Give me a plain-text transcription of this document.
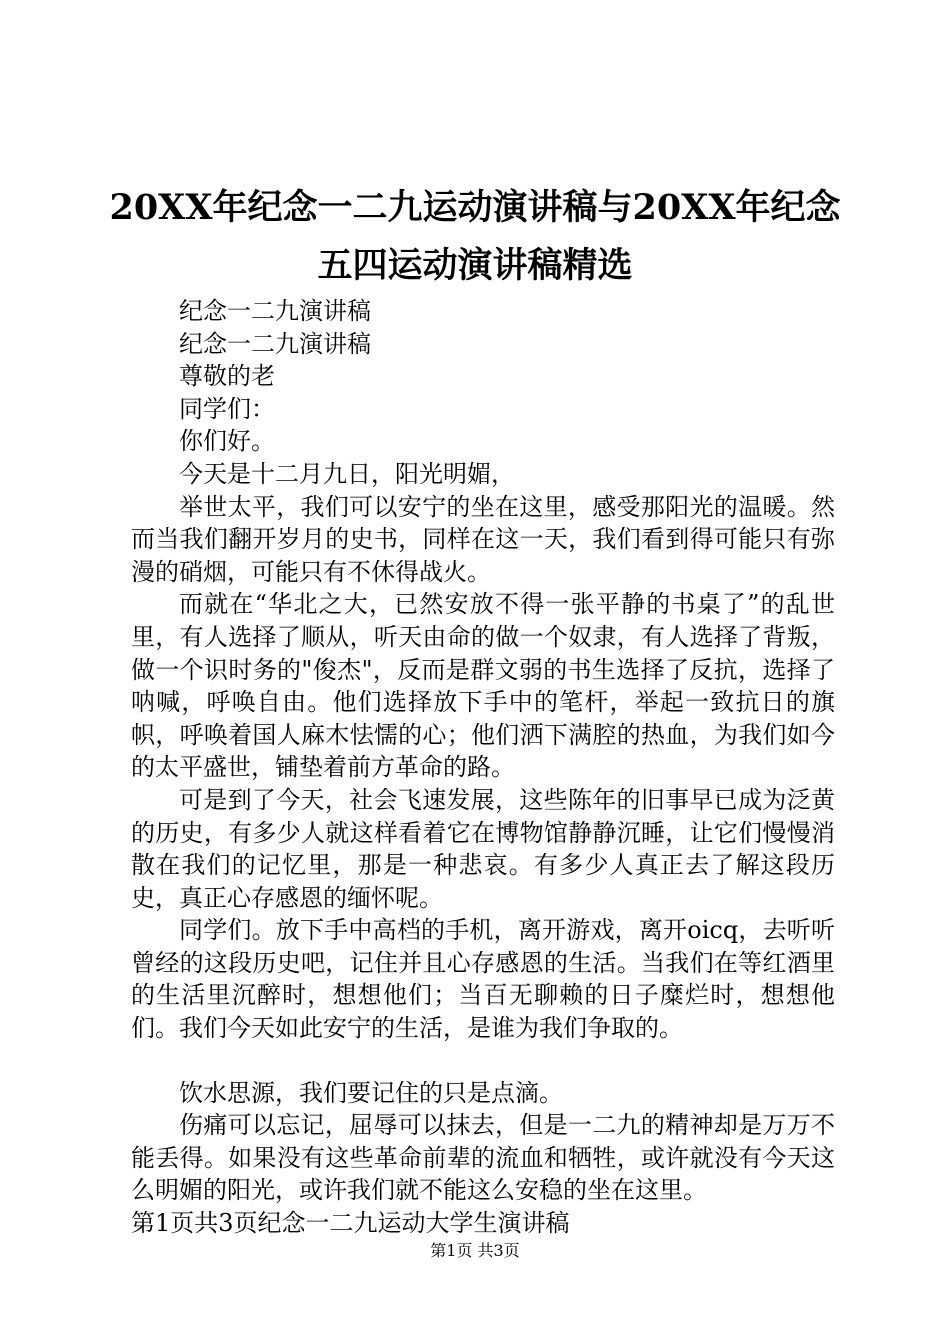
20XX年纪念一二九运动演讲稿与20XX年纪念
五四运动演讲稿精选

纪念一二九演讲稿

纪念一二九演讲稿

尊敬的老

同学们：

你们好。

今天是十二月九日，阳光明媚，

举世太平，我们可以安宁的坐在这里，感受那阳光的温暖。然而当我们翻开岁月的史书，同样在这一天，我们看到得可能只有弥漫的硝烟，可能只有不休得战火。

而就在“华北之大，已然安放不得一张平静的书桌了”的乱世里，有人选择了顺从，听天由命的做一个奴隶，有人选择了背叛，做一个识时务的"俊杰"，反而是群文弱的书生选择了反抗，选择了呐喊，呼唤自由。他们选择放下手中的笔杆，举起一致抗日的旗帜，呼唤着国人麻木怯懦的心；他们洒下满腔的热血，为我们如今的太平盛世，铺垫着前方革命的路。

可是到了今天，社会飞速发展，这些陈年的旧事早已成为泛黄的历史，有多少人就这样看着它在博物馆静静沉睡，让它们慢慢消散在我们的记忆里，那是一种悲哀。有多少人真正去了解这段历史，真正心存感恩的缅怀呢。

同学们。放下手中高档的手机，离开游戏，离开oicq，去听听曾经的这段历史吧，记住并且心存感恩的生活。当我们在等红酒里的生活里沉醉时，想想他们；当百无聊赖的日子糜烂时，想想他们。我们今天如此安宁的生活，是谁为我们争取的。

饮水思源，我们要记住的只是点滴。

伤痛可以忘记，屈辱可以抹去，但是一二九的精神却是万万不能丢得。如果没有这些革命前辈的流血和牺牲，或许就没有今天这么明媚的阳光，或许我们就不能这么安稳的坐在这里。

第1页共3页纪念一二九运动大学生演讲稿

第1页 共3页
